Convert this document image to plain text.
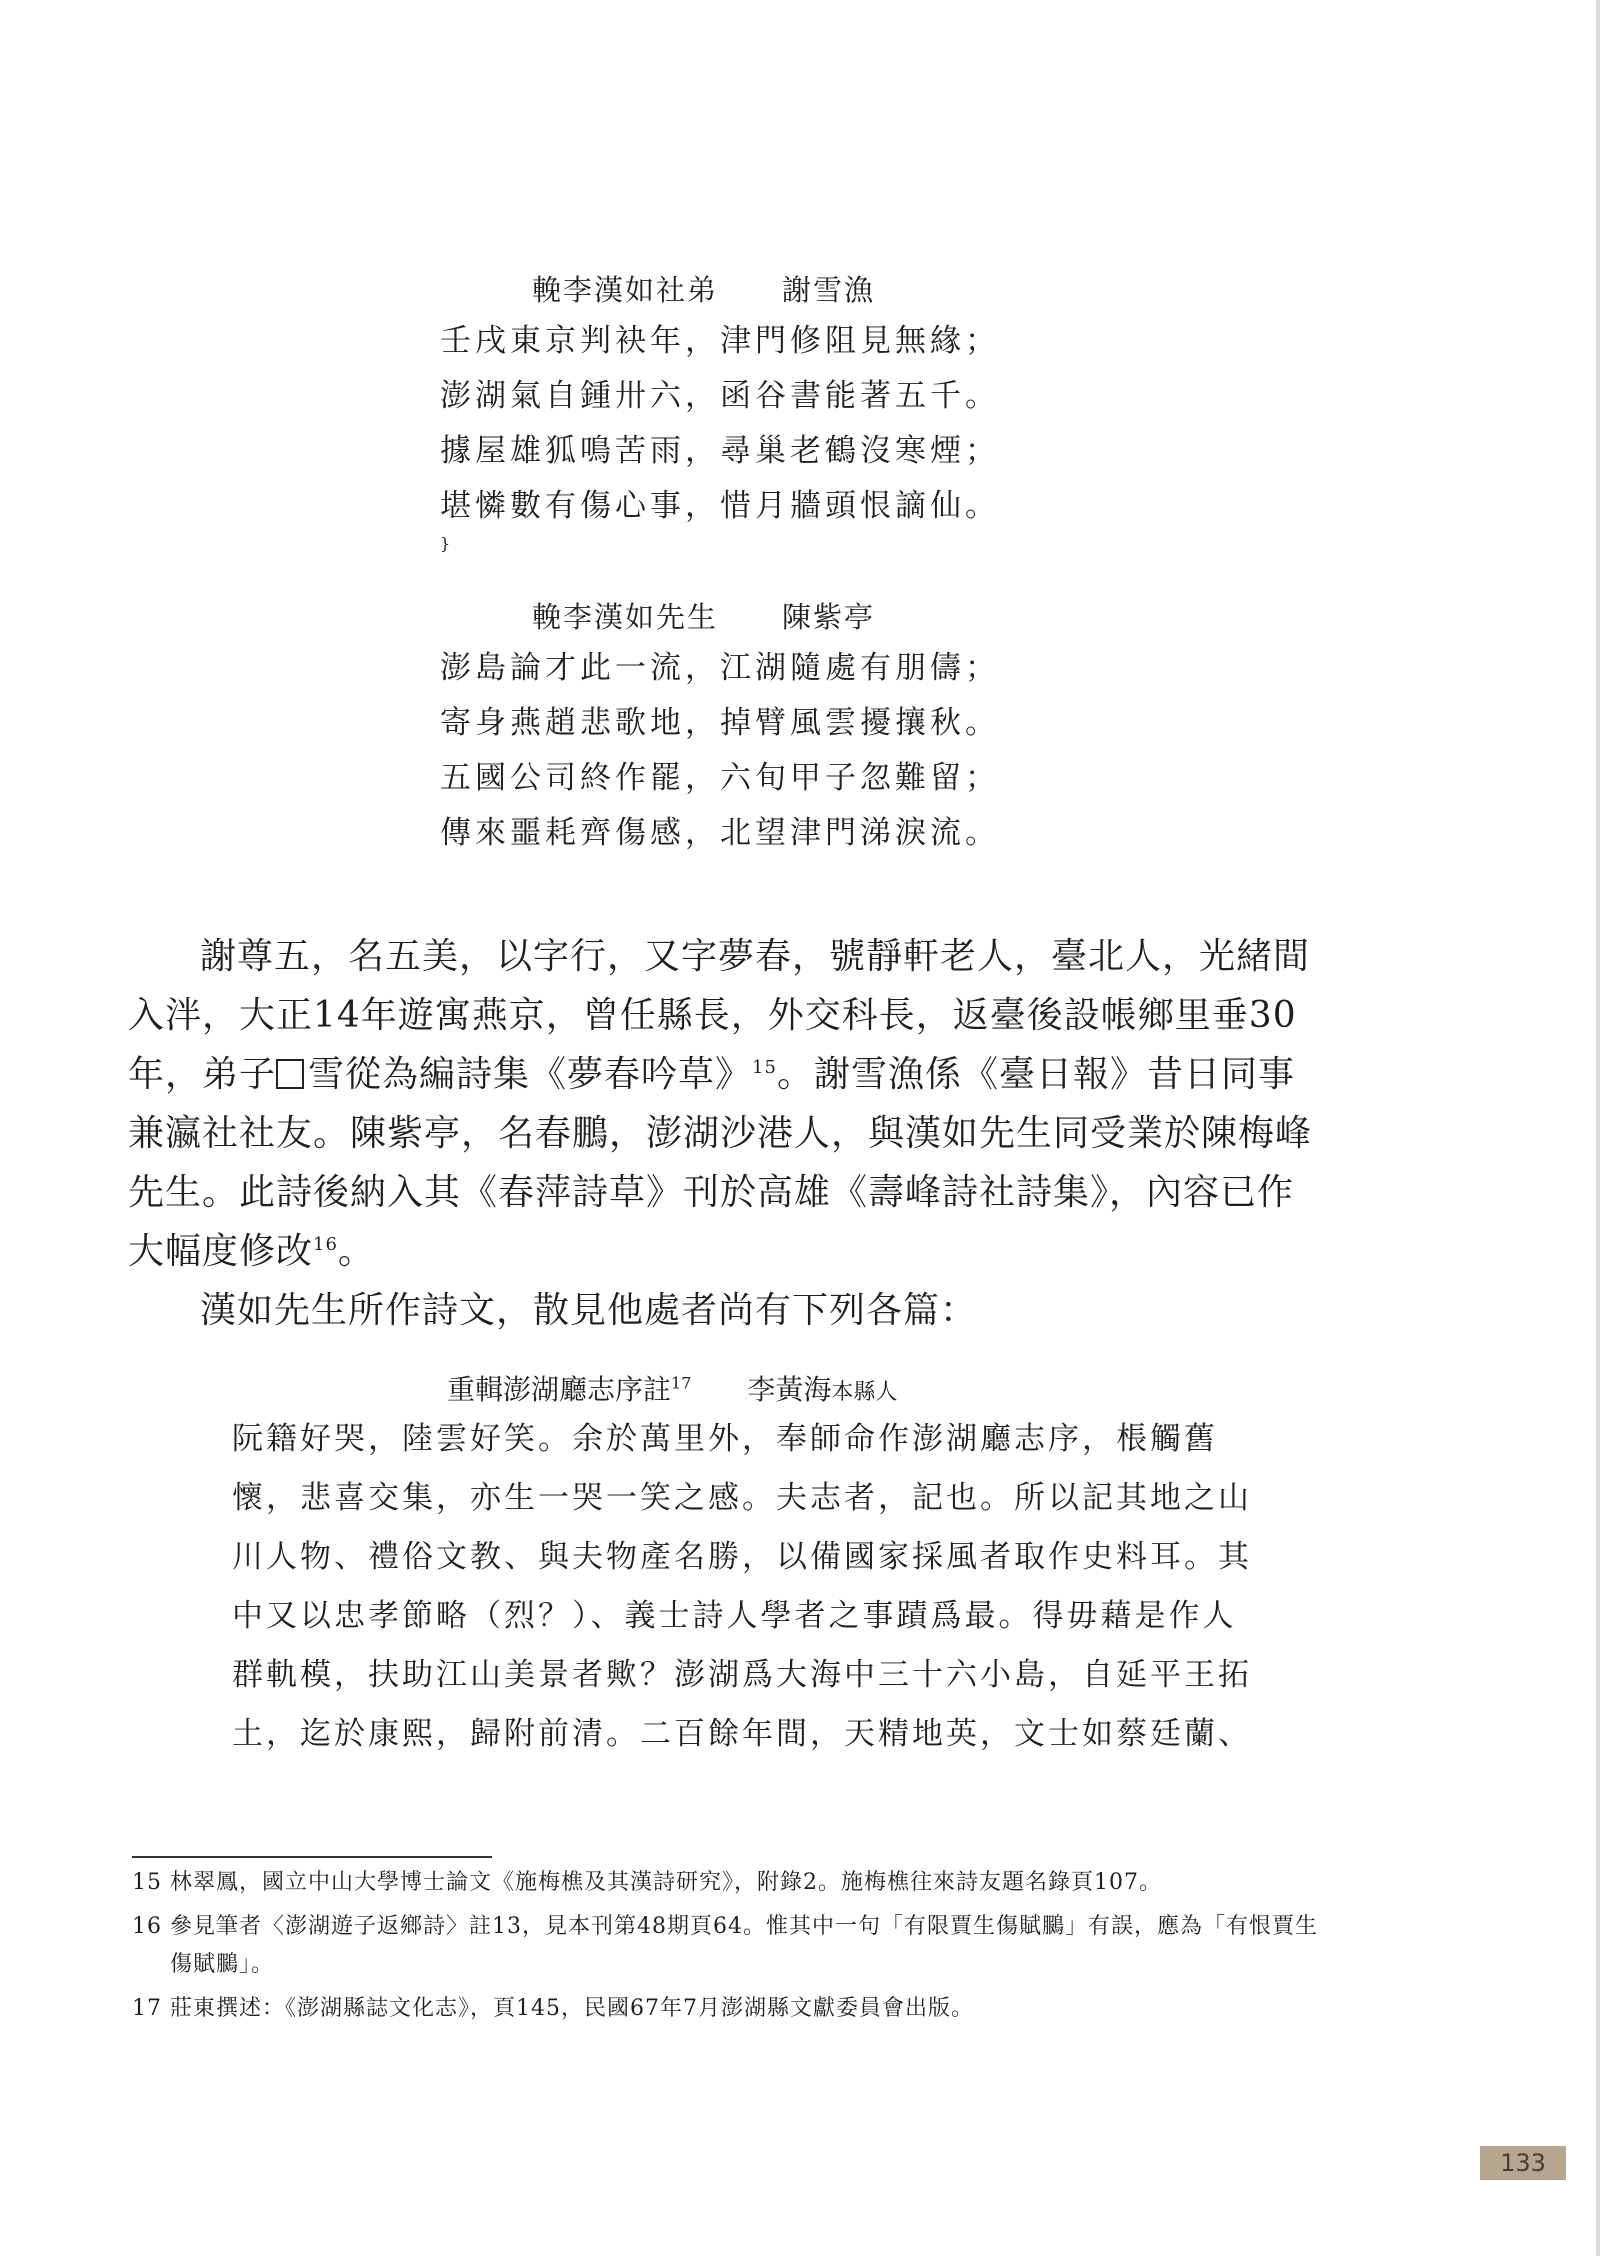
輓李漢如社弟 謝雪漁
壬戌東京判袂年，津門修阻見無緣；
澎湖氣自鍾卅六，函谷書能著五千。
據屋雄狐鳴苦雨，尋巢老鶴沒寒煙；
堪憐數有傷心事，惜月牆頭恨謫仙。
}
輓李漢如先生 陳紫亭
澎島論才此一流，江湖隨處有朋儔；
寄身燕趙悲歌地，掉臂風雲擾攘秋。
五國公司終作罷，六旬甲子忽難留；
傳來噩耗齊傷感，北望津門涕淚流。

謝尊五，名五美，以字行，又字夢春，號靜軒老人，臺北人，光緒間入泮，大正14年遊寓燕京，曾任縣長，外交科長，返臺後設帳鄉里垂30年，弟子 雪從為編詩集《夢春吟草》$^{15}$。謝雪漁係《臺日報》昔日同事兼瀛社社友。陳紫亭，名春鵬，澎湖沙港人，與漢如先生同受業於陳梅峰先生。此詩後納入其《春萍詩草》刊於高雄《壽峰詩社詩集》，內容已作大幅度修改$^{16}$。

漢如先生所作詩文，散見他處者尚有下列各篇：

重輯澎湖廳志序註$^{17}$ 李黃海本縣人
阮籍好哭，陸雲好笑。余於萬里外，奉師命作澎湖廳志序，棖觸舊
懷，悲喜交集，亦生一哭一笑之感。夫志者，記也。所以記其地之山
川人物、禮俗文教、與夫物產名勝，以備國家採風者取作史料耳。其
中又以忠孝節略（烈？）、義士詩人學者之事蹟爲最。得毋藉是作人
群軌模，扶助江山美景者歟？澎湖爲大海中三十六小島，自延平王拓
土，迄於康熙，歸附前清。二百餘年間，天精地英，文士如蔡廷蘭、
15 林翠鳳，國立中山大學博士論文《施梅樵及其漢詩研究》，附錄2。施梅樵往來詩友題名錄頁107。
16 參見筆者〈澎湖遊子返鄉詩〉註13，見本刊第48期頁64。惟其中一句「有限賈生傷賦鵩」有誤，應為「有恨賈生傷賦鵩」。
17 莊東撰述：《澎湖縣誌文化志》，頁145，民國67年7月澎湖縣文獻委員會出版。
133
